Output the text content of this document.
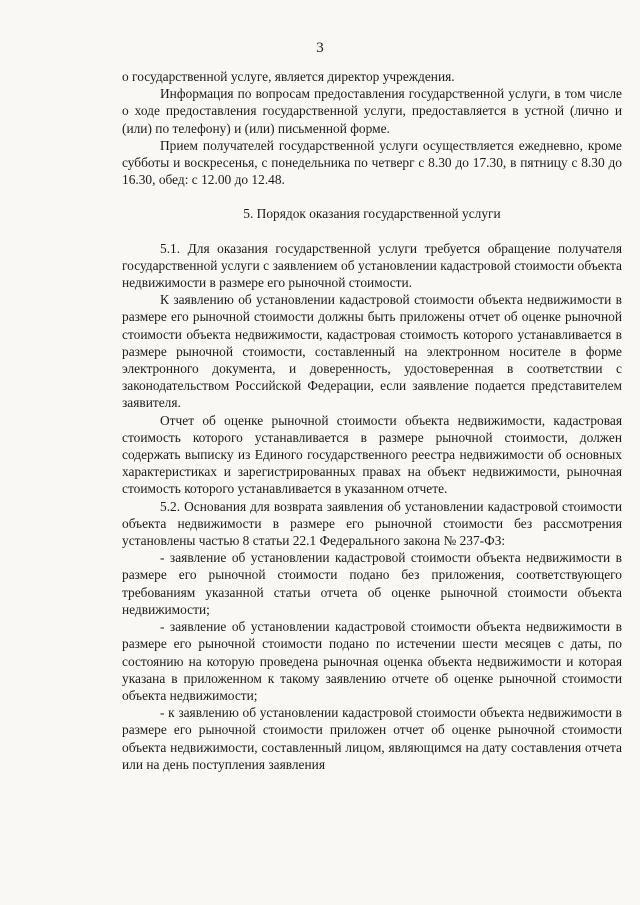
3

о государственной услуге, является директор учреждения.

Информация по вопросам предоставления государственной услуги, в том числе о ходе предоставления государственной услуги, предоставляется в устной (лично и (или) по телефону) и (или) письменной форме.

Прием получателей государственной услуги осуществляется ежедневно, кроме субботы и воскресенья, с понедельника по четверг с 8.30 до 17.30, в пятницу с 8.30 до 16.30, обед: с 12.00 до 12.48.

5. Порядок оказания государственной услуги

5.1. Для оказания государственной услуги требуется обращение получателя государственной услуги с заявлением об установлении кадастровой стоимости объекта недвижимости в размере его рыночной стоимости.

К заявлению об установлении кадастровой стоимости объекта недвижимости в размере его рыночной стоимости должны быть приложены отчет об оценке рыночной стоимости объекта недвижимости, кадастровая стоимость которого устанавливается в размере рыночной стоимости, составленный на электронном носителе в форме электронного документа, и доверенность, удостоверенная в соответствии с законодательством Российской Федерации, если заявление подается представителем заявителя.

Отчет об оценке рыночной стоимости объекта недвижимости, кадастровая стоимость которого устанавливается в размере рыночной стоимости, должен содержать выписку из Единого государственного реестра недвижимости об основных характеристиках и зарегистрированных правах на объект недвижимости, рыночная стоимость которого устанавливается в указанном отчете.

5.2. Основания для возврата заявления об установлении кадастровой стоимости объекта недвижимости в размере его рыночной стоимости без рассмотрения установлены частью 8 статьи 22.1 Федерального закона № 237-ФЗ:

- заявление об установлении кадастровой стоимости объекта недвижимости в размере его рыночной стоимости подано без приложения, соответствующего требованиям указанной статьи отчета об оценке рыночной стоимости объекта недвижимости;

- заявление об установлении кадастровой стоимости объекта недвижимости в размере его рыночной стоимости подано по истечении шести месяцев с даты, по состоянию на которую проведена рыночная оценка объекта недвижимости и которая указана в приложенном к такому заявлению отчете об оценке рыночной стоимости объекта недвижимости;

- к заявлению об установлении кадастровой стоимости объекта недвижимости в размере его рыночной стоимости приложен отчет об оценке рыночной стоимости объекта недвижимости, составленный лицом, являющимся на дату составления отчета или на день поступления заявления
